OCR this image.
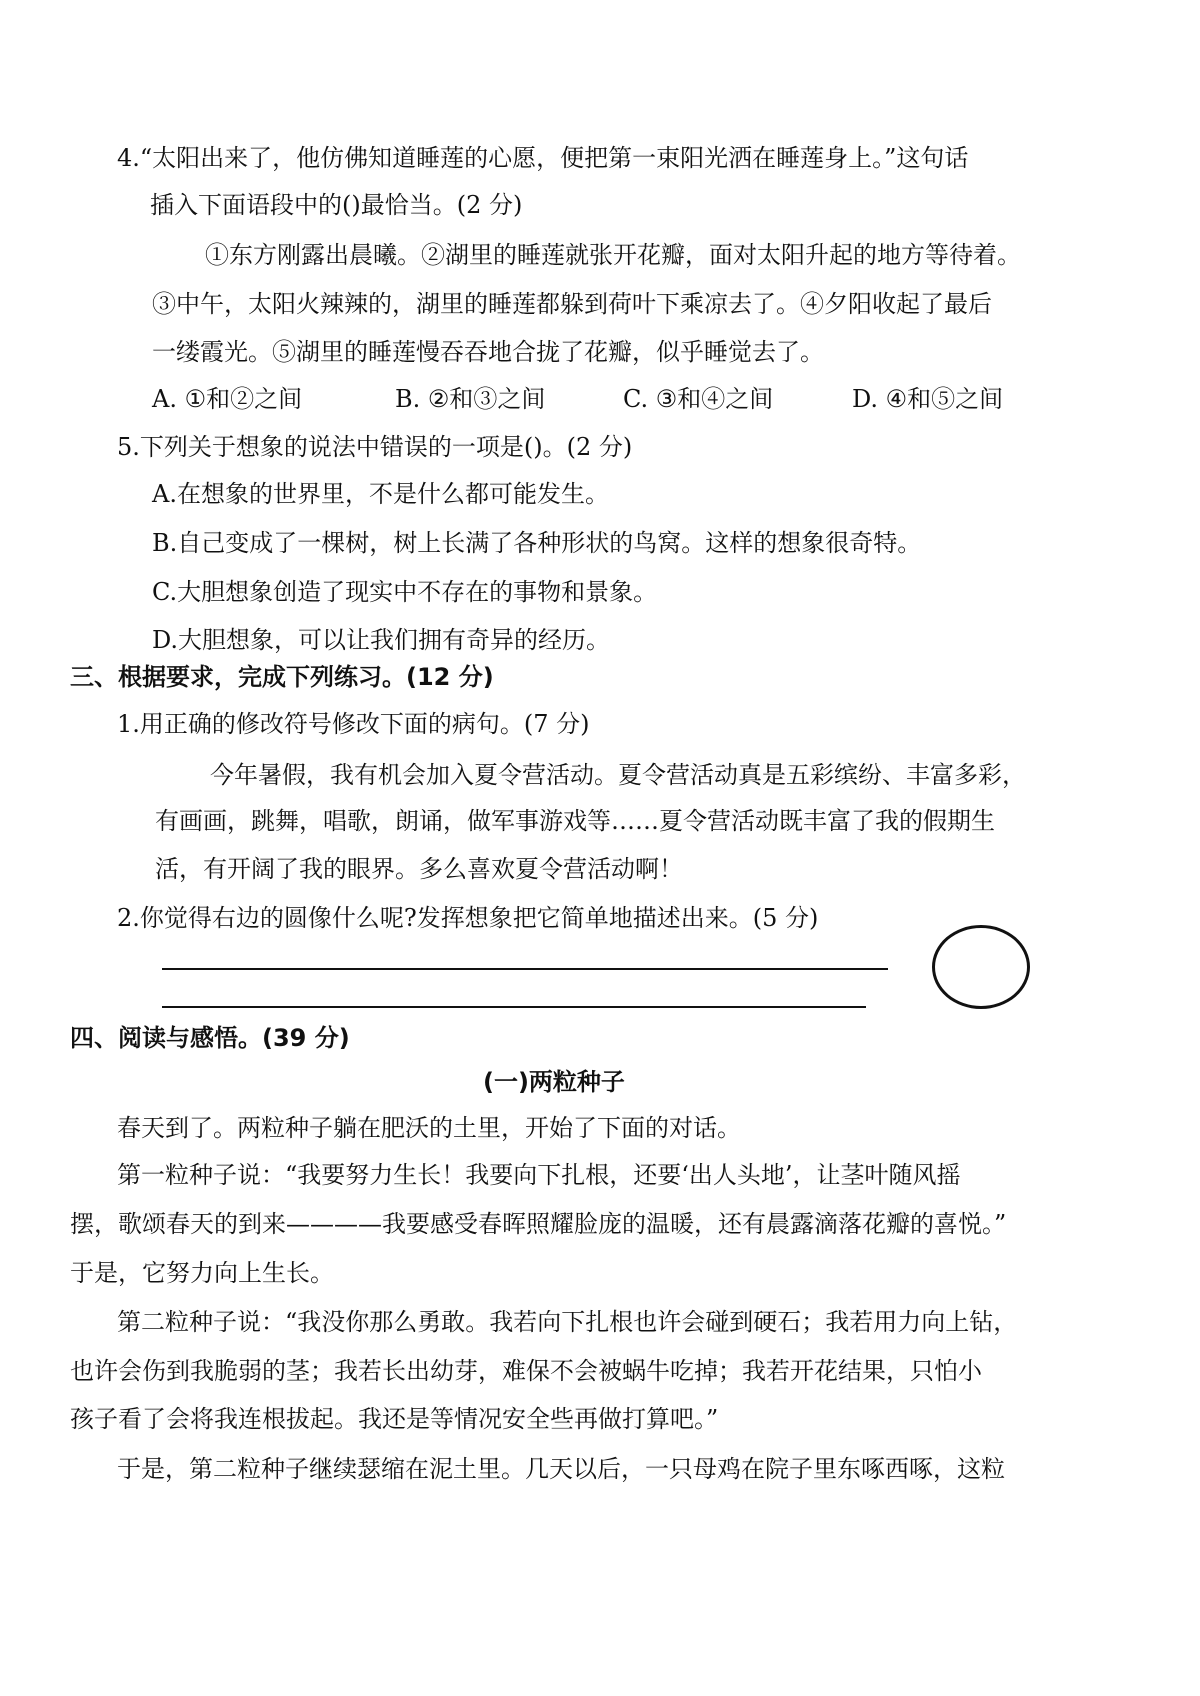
4.“太阳出来了，他仿佛知道睡莲的心愿，便把第一束阳光洒在睡莲身上。”这句话
插入下面语段中的()最恰当。(2 分)
①东方刚露出晨曦。②湖里的睡莲就张开花瓣，面对太阳升起的地方等待着。
③中午，太阳火辣辣的，湖里的睡莲都躲到荷叶下乘凉去了。④夕阳收起了最后
一缕霞光。⑤湖里的睡莲慢吞吞地合拢了花瓣，似乎睡觉去了。
A. ①和②之间	B. ②和③之间	C. ③和④之间	D. ④和⑤之间
5.下列关于想象的说法中错误的一项是()。(2 分)
A.在想象的世界里，不是什么都可能发生。
B.自己变成了一棵树，树上长满了各种形状的鸟窝。这样的想象很奇特。
C.大胆想象创造了现实中不存在的事物和景象。
D.大胆想象，可以让我们拥有奇异的经历。
三、根据要求，完成下列练习。(12 分)
1.用正确的修改符号修改下面的病句。(7 分)
今年暑假，我有机会加入夏令营活动。夏令营活动真是五彩缤纷、丰富多彩，
有画画，跳舞，唱歌，朗诵，做军事游戏等……夏令营活动既丰富了我的假期生
活，有开阔了我的眼界。多么喜欢夏令营活动啊！
2.你觉得右边的圆像什么呢?发挥想象把它简单地描述出来。(5 分)
四、阅读与感悟。(39 分)
(一)两粒种子
春天到了。两粒种子躺在肥沃的土里，开始了下面的对话。
第一粒种子说：“我要努力生长！我要向下扎根，还要‘出人头地’，让茎叶随风摇
摆，歌颂春天的到来————我要感受春晖照耀脸庞的温暖，还有晨露滴落花瓣的喜悦。”
于是，它努力向上生长。
第二粒种子说：“我没你那么勇敢。我若向下扎根也许会碰到硬石；我若用力向上钻，
也许会伤到我脆弱的茎；我若长出幼芽，难保不会被蜗牛吃掉；我若开花结果，只怕小
孩子看了会将我连根拔起。我还是等情况安全些再做打算吧。”
于是，第二粒种子继续瑟缩在泥土里。几天以后，一只母鸡在院子里东啄西啄，这粒
